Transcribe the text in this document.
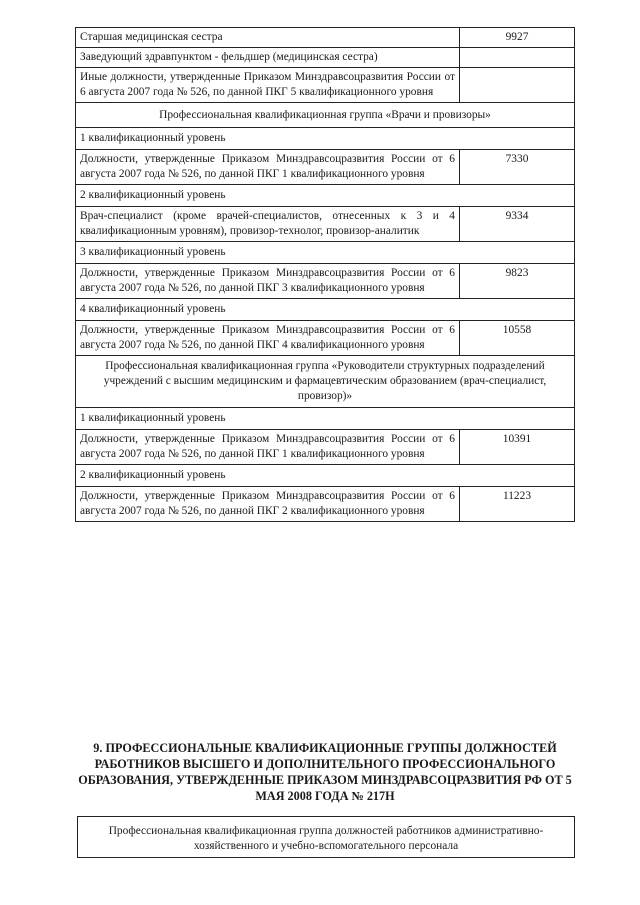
Старшая медицинская сестра	9927
Заведующий здравпунктом - фельдшер (медицинская сестра)
Иные должности, утвержденные Приказом Минздравсоцразвития России от 6 августа 2007 года № 526, по данной ПКГ 5 квалификационного уровня
Профессиональная квалификационная группа «Врачи и провизоры»
1 квалификационный уровень
Должности, утвержденные Приказом Минздравсоцразвития России от 6 августа 2007 года № 526, по данной ПКГ 1 квалификационного уровня
7330
2 квалификационный уровень
Врач-специалист (кроме врачей-специалистов, отнесенных к 3 и 4 квалификационным уровням), провизор-технолог, провизор-аналитик
9334
3 квалификационный уровень
Должности, утвержденные Приказом Минздравсоцразвития России от 6 августа 2007 года № 526, по данной ПКГ 3 квалификационного уровня
9823
4 квалификационный уровень
Должности, утвержденные Приказом Минздравсоцразвития России от 6 августа 2007 года № 526, по данной ПКГ 4 квалификационного уровня
10558
Профессиональная квалификационная группа «Руководители структурных подразделений учреждений с высшим медицинским и фармацевтическим образованием (врач-специалист, провизор)»
1 квалификационный уровень
Должности, утвержденные Приказом Минздравсоцразвития России от 6 августа 2007 года № 526, по данной ПКГ 1 квалификационного уровня
10391
2 квалификационный уровень
Должности, утвержденные Приказом Минздравсоцразвития России от 6 августа 2007 года № 526, по данной ПКГ 2 квалификационного уровня
11223
9. ПРОФЕССИОНАЛЬНЫЕ КВАЛИФИКАЦИОННЫЕ ГРУППЫ ДОЛЖНОСТЕЙ РАБОТНИКОВ ВЫСШЕГО И ДОПОЛНИТЕЛЬНОГО ПРОФЕССИОНАЛЬНОГО ОБРАЗОВАНИЯ, УТВЕРЖДЕННЫЕ ПРИКАЗОМ МИНЗДРАВСОЦРАЗВИТИЯ РФ ОТ 5 МАЯ 2008 ГОДА № 217Н
Профессиональная квалификационная группа должностей работников административно-хозяйственного и учебно-вспомогательного персонала
